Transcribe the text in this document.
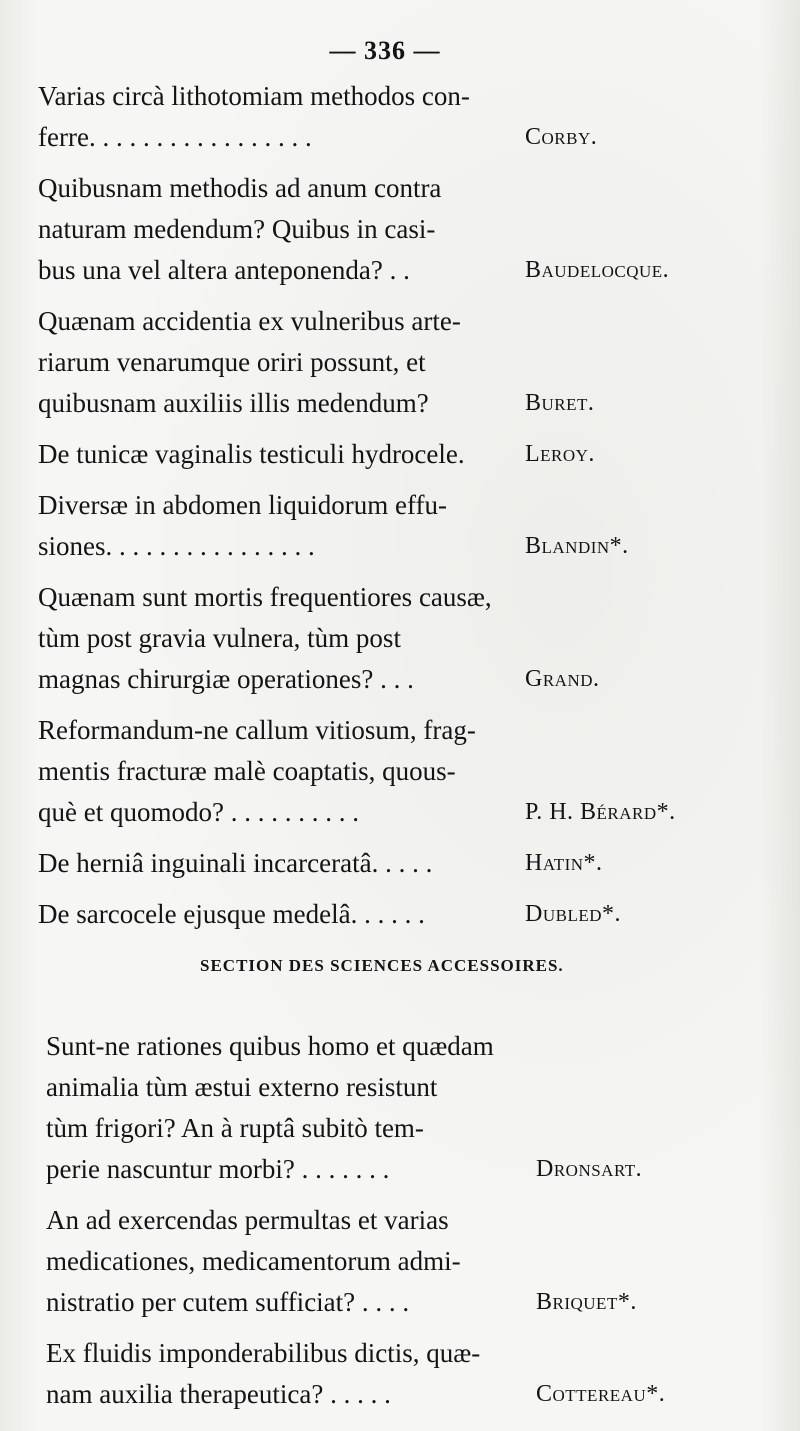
— 336 —
Varias circà lithotomiam methodos con-
ferre. . . . . . . . . . . . . . . . .	Corby.
Quibusnam methodis ad anum contra
naturam medendum? Quibus in casi-
bus una vel altera anteponenda? . .	Baudelocque.
Quænam accidentia ex vulneribus arte-
riarum venarumque oriri possunt, et
quibusnam auxiliis illis medendum?	Buret.
De tunicæ vaginalis testiculi hydrocele.	Leroy.
Diversæ in abdomen liquidorum effu-
siones. . . . . . . . . . . . . . . .	Blandin*.
Quænam sunt mortis frequentiores causæ,
tùm post gravia vulnera, tùm post
magnas chirurgiæ operationes? . . .	Grand.
Reformandum-ne callum vitiosum, frag-
mentis fracturæ malè coaptatis, quous-
què et quomodo? . . . . . . . . . .	P. H. Bérard*.
De herniâ inguinali incarceratâ. . . . .	Hatin*.
De sarcocele ejusque medelâ. . . . . .	Dubled*.
SECTION DES SCIENCES ACCESSOIRES.
Sunt-ne rationes quibus homo et quædam
animalia tùm æstui externo resistunt
tùm frigori? An à ruptâ subitò tem-
perie nascuntur morbi? . . . . . . .	Dronsart.
An ad exercendas permultas et varias
medicationes, medicamentorum admi-
nistratio per cutem sufficiat? . . . .	Briquet*.
Ex fluidis imponderabilibus dictis, quæ-
nam auxilia therapeutica? . . . . .	Cottereau*.
